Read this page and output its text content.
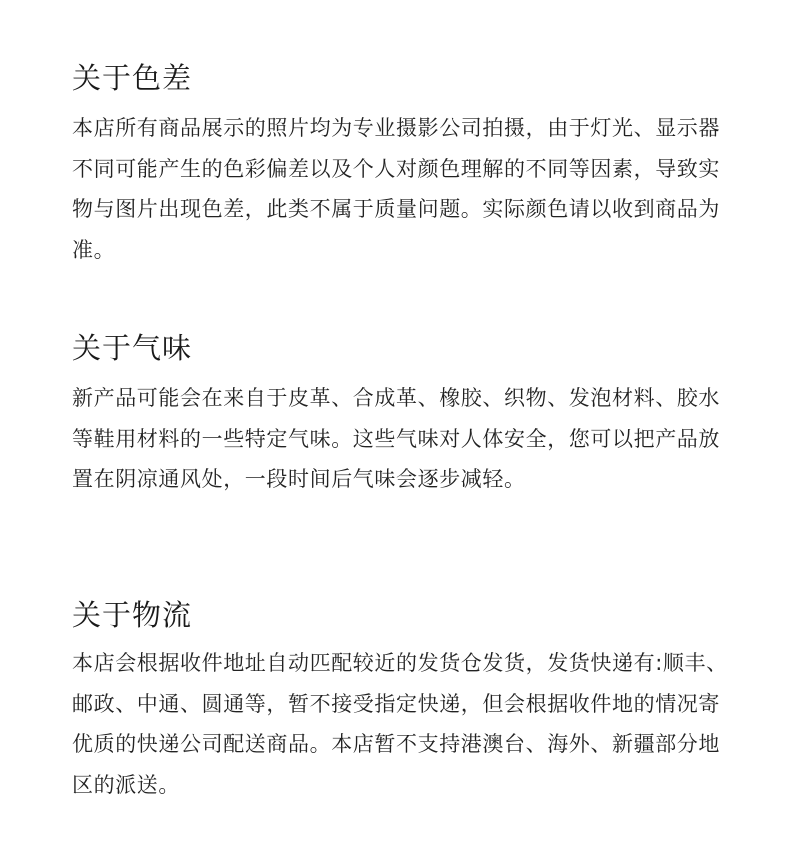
关于色差

本店所有商品展示的照片均为专业摄影公司拍摄，由于灯光、显示器不同可能产生的色彩偏差以及个人对颜色理解的不同等因素，导致实物与图片出现色差，此类不属于质量问题。实际颜色请以收到商品为准。

关于气味

新产品可能会在来自于皮革、合成革、橡胶、织物、发泡材料、胶水等鞋用材料的一些特定气味。这些气味对人体安全，您可以把产品放置在阴凉通风处，一段时间后气味会逐步减轻。

关于物流

本店会根据收件地址自动匹配较近的发货仓发货，发货快递有:顺丰、邮政、中通、圆通等，暂不接受指定快递，但会根据收件地的情况寄优质的快递公司配送商品。本店暂不支持港澳台、海外、新疆部分地区的派送。
